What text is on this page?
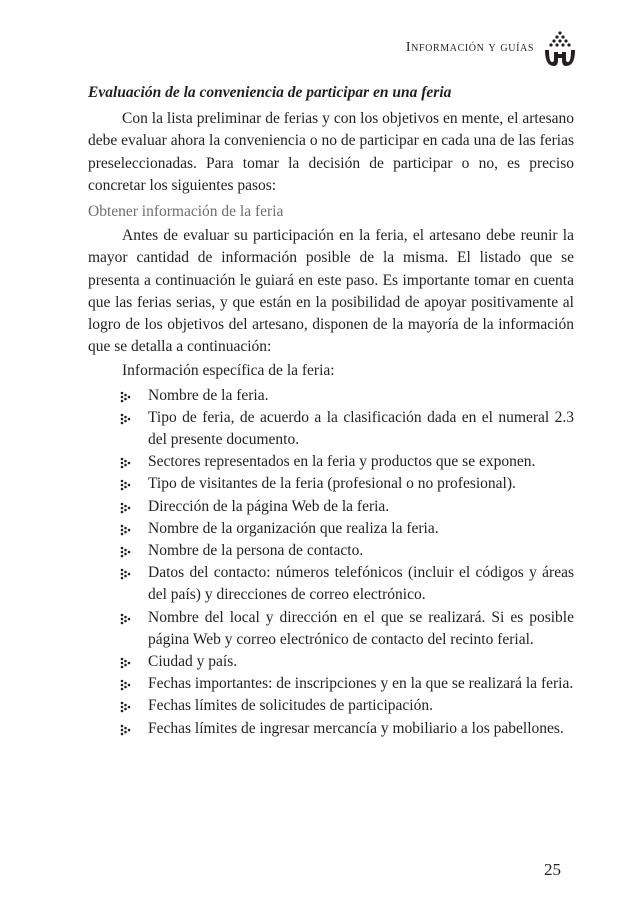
Información y guías

Evaluación de la conveniencia de participar en una feria

Con la lista preliminar de ferias y con los objetivos en mente, el artesano debe evaluar ahora la conveniencia o no de participar en cada una de las ferias preseleccionadas. Para tomar la decisión de participar o no, es preciso concretar los siguientes pasos:

Obtener información de la feria

Antes de evaluar su participación en la feria, el artesano debe reunir la mayor cantidad de información posible de la misma. El listado que se presenta a continuación le guiará en este paso. Es importante tomar en cuenta que las ferias serias, y que están en la posibilidad de apoyar positivamente al logro de los objetivos del artesano, disponen de la mayoría de la información que se detalla a continuación:

Información específica de la feria:

Nombre de la feria.
Tipo de feria, de acuerdo a la clasificación dada en el numeral 2.3 del presente documento.
Sectores representados en la feria y productos que se exponen.
Tipo de visitantes de la feria (profesional o no profesional).
Dirección de la página Web de la feria.
Nombre de la organización que realiza la feria.
Nombre de la persona de contacto.
Datos del contacto: números telefónicos (incluir el códigos y áreas del país) y direcciones de correo electrónico.
Nombre del local y dirección en el que se realizará. Si es posible página Web y correo electrónico de contacto del recinto ferial.
Ciudad y país.
Fechas importantes: de inscripciones y en la que se realizará la feria.
Fechas límites de solicitudes de participación.
Fechas límites de ingresar mercancía y mobiliario a los pabellones.
25
